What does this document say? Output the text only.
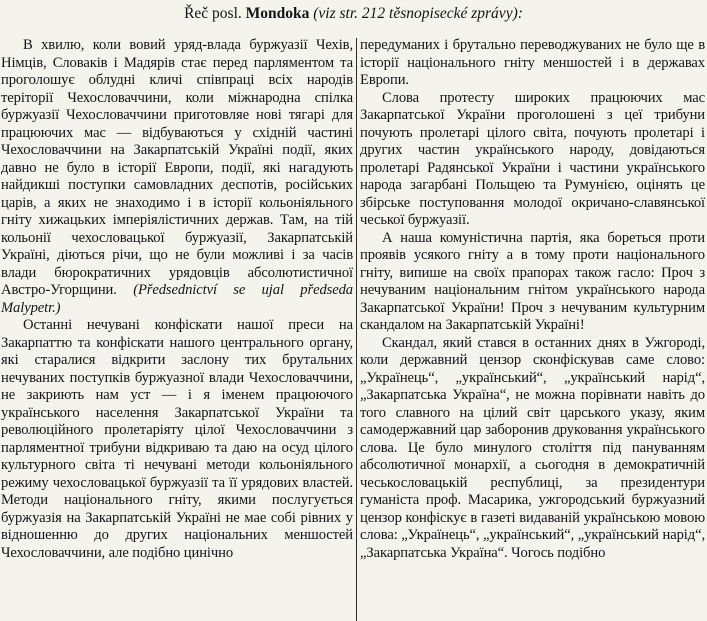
Řeč posl. Mondoka (viz str. 212 těsnopisecké zprávy):

В хвилю, коли вовий уряд-влада буржуазії Чехів, Німців, Словаків і Мадярів стає перед парляментом та проголошує облудні кличі співпраці всіх народів теріторії Чехословаччини, коли міжнародна спілка буржуазії Чехословаччини приготовляе нові тягарі для працюючих мас — відбуваються у східній частині Чехословаччини на Закарпатській Україні події, яких давно не було в історії Европи, події, які нагадують найдикші поступки самовладних деспотів, російських царів, а яких не знаходимо і в історії кольоніяльного гніту хижацьких імперіялістичних держав. Там, на тій кольонії чехословацької буржуазії, Закарпатській Україні, діються річи, що не були можливі і за часів влади бюрократичних урядовців абсолютистичної Австро-Угорщини. (Předsednictví se ujal předseda Malypetr.)

Останні нечувані конфіскати нашої преси на Закарпаттю та конфіскати нашого центрального органу, які старалися відкрити заслону тих брутальних нечуваних поступків буржуазної влади Чехословаччини, не закриють нам уст — і я іменем працюючого українського населення Закарпатської України та революційного пролетаріяту цілої Чехословаччини з парляментної трибуни відкриваю та даю на осуд цілого культурного світа ті нечувані методи кольоніяльного режиму чехословацької буржуазії та її урядових властей. Методи національного гніту, якими послугується буржуазія на Закарпатській Україні не мае собі рівних у відношенню до других національних меншостей Чехословаччини, але подібно цинічно

передуманих і брутально переводжуваних не було ще в історії національного гніту меншостей і в державах Европи.

Слова протесту широких працюючих мас Закарпатської України проголошені з цеї трибуни почують пролетарі цілого світа, почують пролетарі і других частин українського народу, довідаються пролетарі Радянської України і частини українського народа загарбані Польщею та Румунією, оцінять це збірське поступовання молодої окричано-славянської чеської буржуазії.

А наша комуністична партія, яка бореться проти проявів усякого гніту а в тому проти національного гніту, випише на своїх прапорах також гасло: Проч з нечуваним національним гнітом українського народа Закарпатської України! Проч з нечуваним культурним скандалом на Закарпатській Україні!

Скандал, який стався в останних днях в Ужгороді, коли державний цензор сконфіскував саме слово: „Українець“, „український“, „український нарід“, „Закарпатська Україна“, не можна порівнати навіть до того славного на цілий світ царського указу, яким самодержавний цар заборонив друковання українського слова. Це було минулого століття під пануванням абсолютичної монархії, а сьогодня в демократичній чеськословацькій республиці, за президентури гуманіста проф. Масарика, ужгородський буржуазний цензор конфіскує в газеті видаваній українською мовою слова: „Українець“, „український“, „український нарід“, „Закарпатська Україна“. Чогось подібно
